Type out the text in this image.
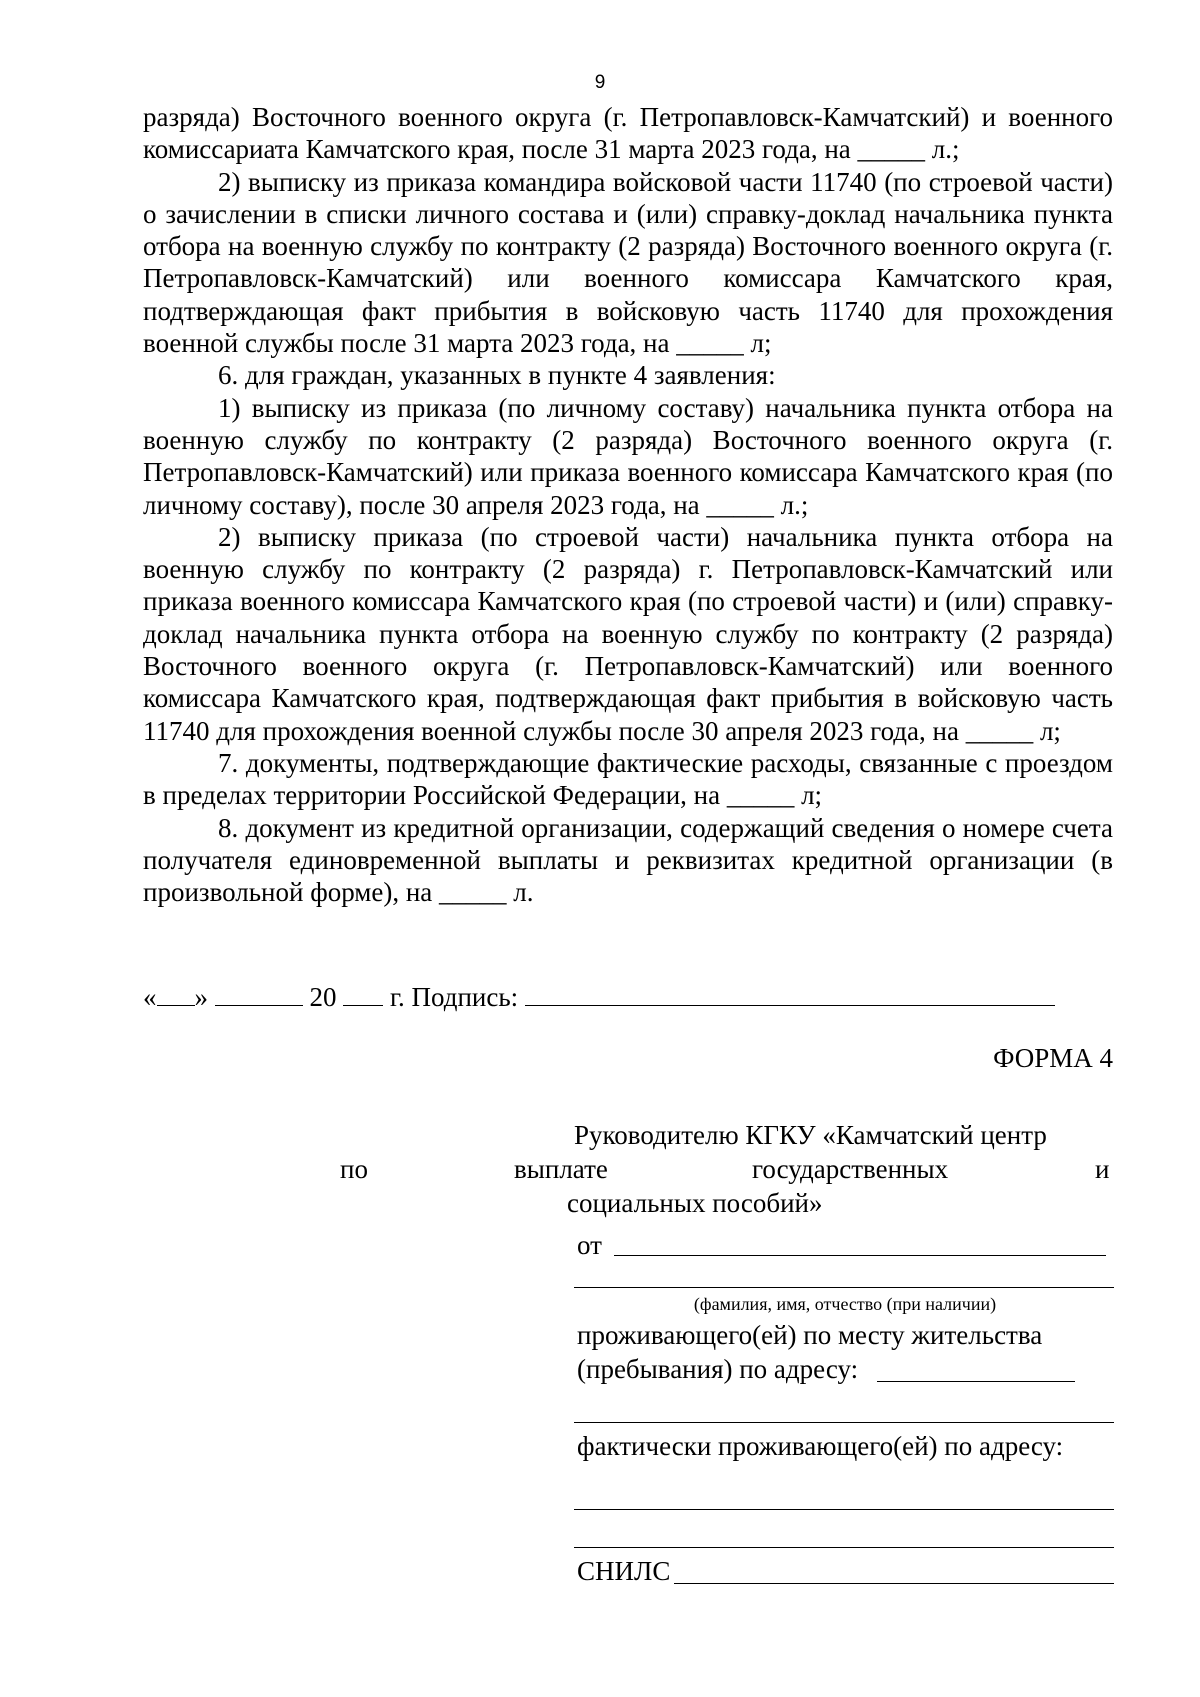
9

разряда) Восточного военного округа (г. Петропавловск-Камчатский) и военного комиссариата Камчатского края, после 31 марта 2023 года, на _____ л.;

2) выписку из приказа командира войсковой части 11740 (по строевой части) о зачислении в списки личного состава и (или) справку-доклад начальника пункта отбора на военную службу по контракту (2 разряда) Восточного военного округа (г. Петропавловск-Камчатский) или военного комиссара Камчатского края, подтверждающая факт прибытия в войсковую часть 11740 для прохождения военной службы после 31 марта 2023 года, на _____ л;

6. для граждан, указанных в пункте 4 заявления:

1) выписку из приказа (по личному составу) начальника пункта отбора на военную службу по контракту (2 разряда) Восточного военного округа (г. Петропавловск-Камчатский) или приказа военного комиссара Камчатского края (по личному составу), после 30 апреля 2023 года, на _____ л.;

2) выписку приказа (по строевой части) начальника пункта отбора на военную службу по контракту (2 разряда) г. Петропавловск-Камчатский или приказа военного комиссара Камчатского края (по строевой части) и (или) справку-доклад начальника пункта отбора на военную службу по контракту (2 разряда) Восточного военного округа (г. Петропавловск-Камчатский) или военного комиссара Камчатского края, подтверждающая факт прибытия в войсковую часть 11740 для прохождения военной службы после 30 апреля 2023 года, на _____ л;

7. документы, подтверждающие фактические расходы, связанные с проездом в пределах территории Российской Федерации, на _____ л;

8. документ из кредитной организации, содержащий сведения о номере счета получателя единовременной выплаты и реквизитах кредитной организации (в произвольной форме), на _____ л.

« »	20 г. Подпись:
ФОРМА 4
Руководителю КГКУ «Камчатский центр
по	выплате	государственных	и
социальных пособий»
от
(фамилия, имя, отчество (при наличии)
проживающего(ей) по месту жительства
(пребывания) по адресу:
фактически проживающего(ей) по адресу:
СНИЛС
